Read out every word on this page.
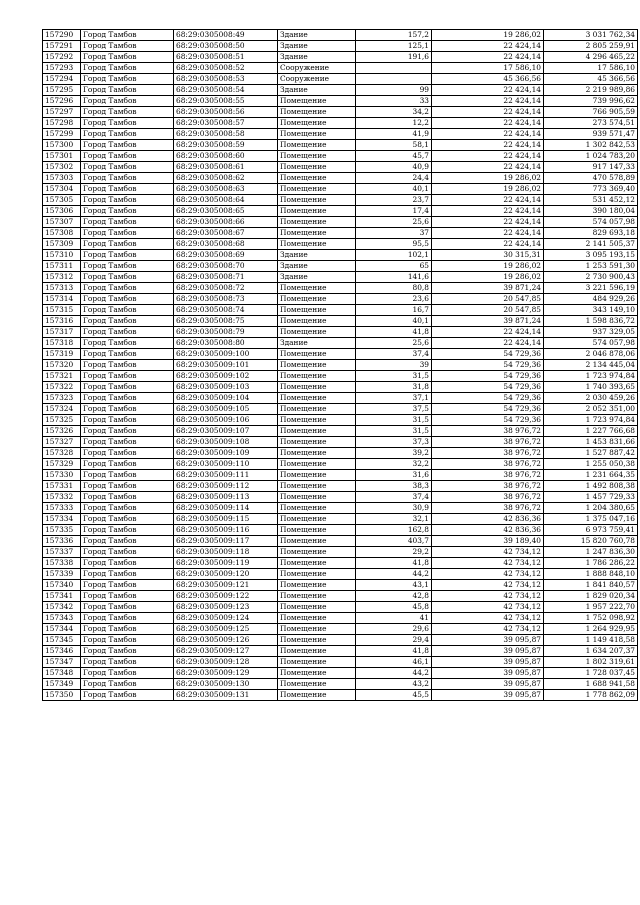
157290	Город Тамбов	68:29:0305008:49	Здание	157,2	19 286,02	3 031 762,34
157291	Город Тамбов	68:29:0305008:50	Здание	125,1	22 424,14	2 805 259,91
157292	Город Тамбов	68:29:0305008:51	Здание	191,6	22 424,14	4 296 465,22
157293	Город Тамбов	68:29:0305008:52	Сооружение		17 586,10	17 586,10
157294	Город Тамбов	68:29:0305008:53	Сооружение		45 366,56	45 366,56
157295	Город Тамбов	68:29:0305008:54	Здание	99	22 424,14	2 219 989,86
157296	Город Тамбов	68:29:0305008:55	Помещение	33	22 424,14	739 996,62
157297	Город Тамбов	68:29:0305008:56	Помещение	34,2	22 424,14	766 905,59
157298	Город Тамбов	68:29:0305008:57	Помещение	12,2	22 424,14	273 574,51
157299	Город Тамбов	68:29:0305008:58	Помещение	41,9	22 424,14	939 571,47
157300	Город Тамбов	68:29:0305008:59	Помещение	58,1	22 424,14	1 302 842,53
157301	Город Тамбов	68:29:0305008:60	Помещение	45,7	22 424,14	1 024 783,20
157302	Город Тамбов	68:29:0305008:61	Помещение	40,9	22 424,14	917 147,33
157303	Город Тамбов	68:29:0305008:62	Помещение	24,4	19 286,02	470 578,89
157304	Город Тамбов	68:29:0305008:63	Помещение	40,1	19 286,02	773 369,40
157305	Город Тамбов	68:29:0305008:64	Помещение	23,7	22 424,14	531 452,12
157306	Город Тамбов	68:29:0305008:65	Помещение	17,4	22 424,14	390 180,04
157307	Город Тамбов	68:29:0305008:66	Помещение	25,6	22 424,14	574 057,98
157308	Город Тамбов	68:29:0305008:67	Помещение	37	22 424,14	829 693,18
157309	Город Тамбов	68:29:0305008:68	Помещение	95,5	22 424,14	2 141 505,37
157310	Город Тамбов	68:29:0305008:69	Здание	102,1	30 315,31	3 095 193,15
157311	Город Тамбов	68:29:0305008:70	Здание	65	19 286,02	1 253 591,30
157312	Город Тамбов	68:29:0305008:71	Здание	141,6	19 286,02	2 730 900,43
157313	Город Тамбов	68:29:0305008:72	Помещение	80,8	39 871,24	3 221 596,19
157314	Город Тамбов	68:29:0305008:73	Помещение	23,6	20 547,85	484 929,26
157315	Город Тамбов	68:29:0305008:74	Помещение	16,7	20 547,85	343 149,10
157316	Город Тамбов	68:29:0305008:75	Помещение	40,1	39 871,24	1 598 836,72
157317	Город Тамбов	68:29:0305008:79	Помещение	41,8	22 424,14	937 329,05
157318	Город Тамбов	68:29:0305008:80	Здание	25,6	22 424,14	574 057,98
157319	Город Тамбов	68:29:0305009:100	Помещение	37,4	54 729,36	2 046 878,06
157320	Город Тамбов	68:29:0305009:101	Помещение	39	54 729,36	2 134 445,04
157321	Город Тамбов	68:29:0305009:102	Помещение	31,5	54 729,36	1 723 974,84
157322	Город Тамбов	68:29:0305009:103	Помещение	31,8	54 729,36	1 740 393,65
157323	Город Тамбов	68:29:0305009:104	Помещение	37,1	54 729,36	2 030 459,26
157324	Город Тамбов	68:29:0305009:105	Помещение	37,5	54 729,36	2 052 351,00
157325	Город Тамбов	68:29:0305009:106	Помещение	31,5	54 729,36	1 723 974,84
157326	Город Тамбов	68:29:0305009:107	Помещение	31,5	38 976,72	1 227 766,68
157327	Город Тамбов	68:29:0305009:108	Помещение	37,3	38 976,72	1 453 831,66
157328	Город Тамбов	68:29:0305009:109	Помещение	39,2	38 976,72	1 527 887,42
157329	Город Тамбов	68:29:0305009:110	Помещение	32,2	38 976,72	1 255 050,38
157330	Город Тамбов	68:29:0305009:111	Помещение	31,6	38 976,72	1 231 664,35
157331	Город Тамбов	68:29:0305009:112	Помещение	38,3	38 976,72	1 492 808,38
157332	Город Тамбов	68:29:0305009:113	Помещение	37,4	38 976,72	1 457 729,33
157333	Город Тамбов	68:29:0305009:114	Помещение	30,9	38 976,72	1 204 380,65
157334	Город Тамбов	68:29:0305009:115	Помещение	32,1	42 836,36	1 375 047,16
157335	Город Тамбов	68:29:0305009:116	Помещение	162,8	42 836,36	6 973 759,41
157336	Город Тамбов	68:29:0305009:117	Помещение	403,7	39 189,40	15 820 760,78
157337	Город Тамбов	68:29:0305009:118	Помещение	29,2	42 734,12	1 247 836,30
157338	Город Тамбов	68:29:0305009:119	Помещение	41,8	42 734,12	1 786 286,22
157339	Город Тамбов	68:29:0305009:120	Помещение	44,2	42 734,12	1 888 848,10
157340	Город Тамбов	68:29:0305009:121	Помещение	43,1	42 734,12	1 841 840,57
157341	Город Тамбов	68:29:0305009:122	Помещение	42,8	42 734,12	1 829 020,34
157342	Город Тамбов	68:29:0305009:123	Помещение	45,8	42 734,12	1 957 222,70
157343	Город Тамбов	68:29:0305009:124	Помещение	41	42 734,12	1 752 098,92
157344	Город Тамбов	68:29:0305009:125	Помещение	29,6	42 734,12	1 264 929,95
157345	Город Тамбов	68:29:0305009:126	Помещение	29,4	39 095,87	1 149 418,58
157346	Город Тамбов	68:29:0305009:127	Помещение	41,8	39 095,87	1 634 207,37
157347	Город Тамбов	68:29:0305009:128	Помещение	46,1	39 095,87	1 802 319,61
157348	Город Тамбов	68:29:0305009:129	Помещение	44,2	39 095,87	1 728 037,45
157349	Город Тамбов	68:29:0305009:130	Помещение	43,2	39 095,87	1 688 941,58
157350	Город Тамбов	68:29:0305009:131	Помещение	45,5	39 095,87	1 778 862,09
